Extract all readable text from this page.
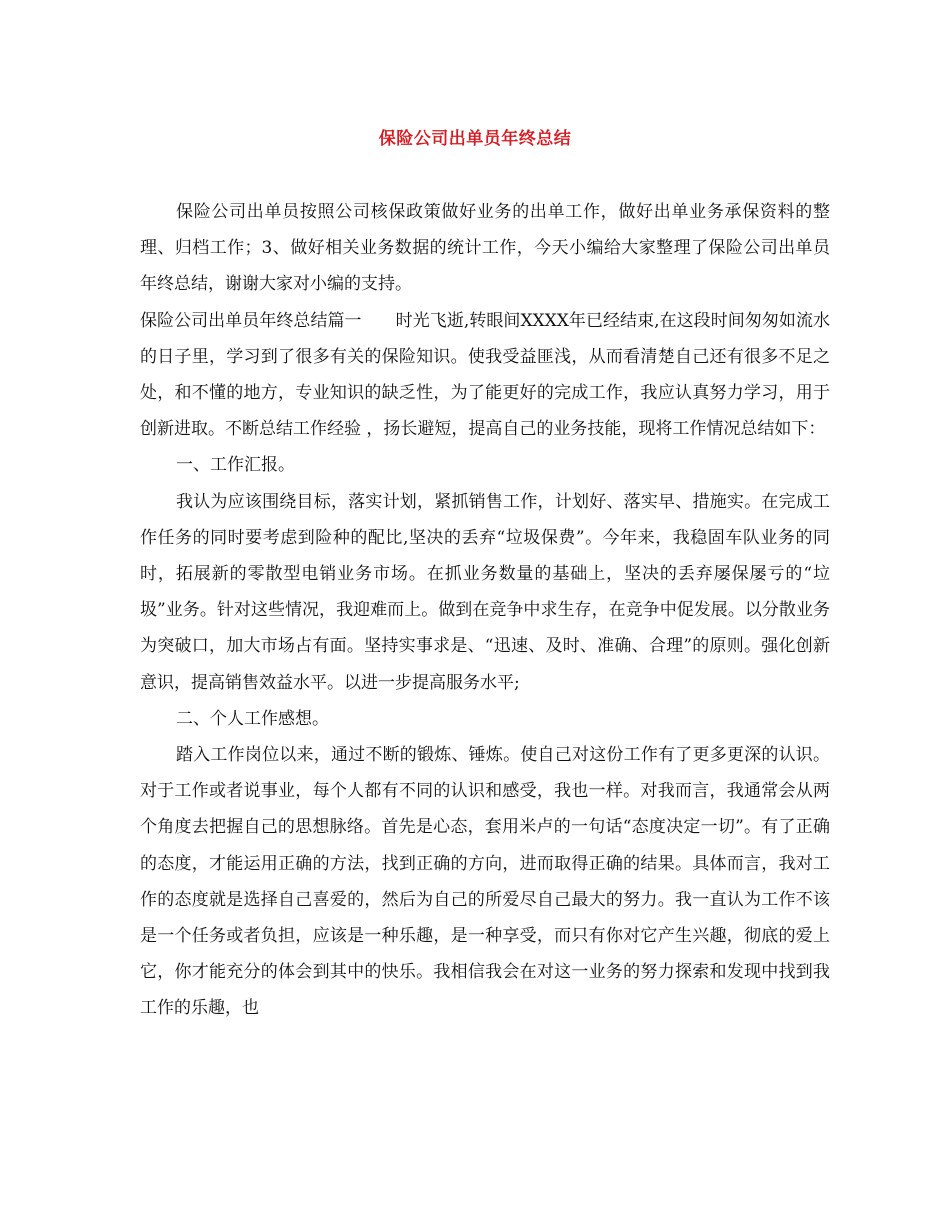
保险公司出单员年终总结

保险公司出单员按照公司核保政策做好业务的出单工作，做好出单业务承保资料的整理、归档工作；3、做好相关业务数据的统计工作，今天小编给大家整理了保险公司出单员年终总结，谢谢大家对小编的支持。

保险公司出单员年终总结篇一　　时光飞逝,转眼间XXXX年已经结束,在这段时间匆匆如流水的日子里，学习到了很多有关的保险知识。使我受益匪浅，从而看清楚自己还有很多不足之处，和不懂的地方，专业知识的缺乏性，为了能更好的完成工作，我应认真努力学习，用于创新进取。不断总结工作经验 ，扬长避短，提高自己的业务技能，现将工作情况总结如下：

一、工作汇报。

我认为应该围绕目标，落实计划，紧抓销售工作，计划好、落实早、措施实。在完成工作任务的同时要考虑到险种的配比,坚决的丢弃“垃圾保费”。今年来，我稳固车队业务的同时，拓展新的零散型电销业务市场。在抓业务数量的基础上，坚决的丢弃屡保屡亏的“垃圾”业务。针对这些情况，我迎难而上。做到在竞争中求生存，在竞争中促发展。以分散业务为突破口，加大市场占有面。坚持实事求是、“迅速、及时、准确、合理”的原则。强化创新意识，提高销售效益水平。以进一步提高服务水平;

二、个人工作感想。

踏入工作岗位以来，通过不断的锻炼、锤炼。使自己对这份工作有了更多更深的认识。对于工作或者说事业，每个人都有不同的认识和感受，我也一样。对我而言，我通常会从两个角度去把握自己的思想脉络。首先是心态，套用米卢的一句话“态度决定一切”。有了正确的态度，才能运用正确的方法，找到正确的方向，进而取得正确的结果。具体而言，我对工作的态度就是选择自己喜爱的，然后为自己的所爱尽自己最大的努力。我一直认为工作不该是一个任务或者负担，应该是一种乐趣，是一种享受，而只有你对它产生兴趣，彻底的爱上它，你才能充分的体会到其中的快乐。我相信我会在对这一业务的努力探索和发现中找到我工作的乐趣，也
